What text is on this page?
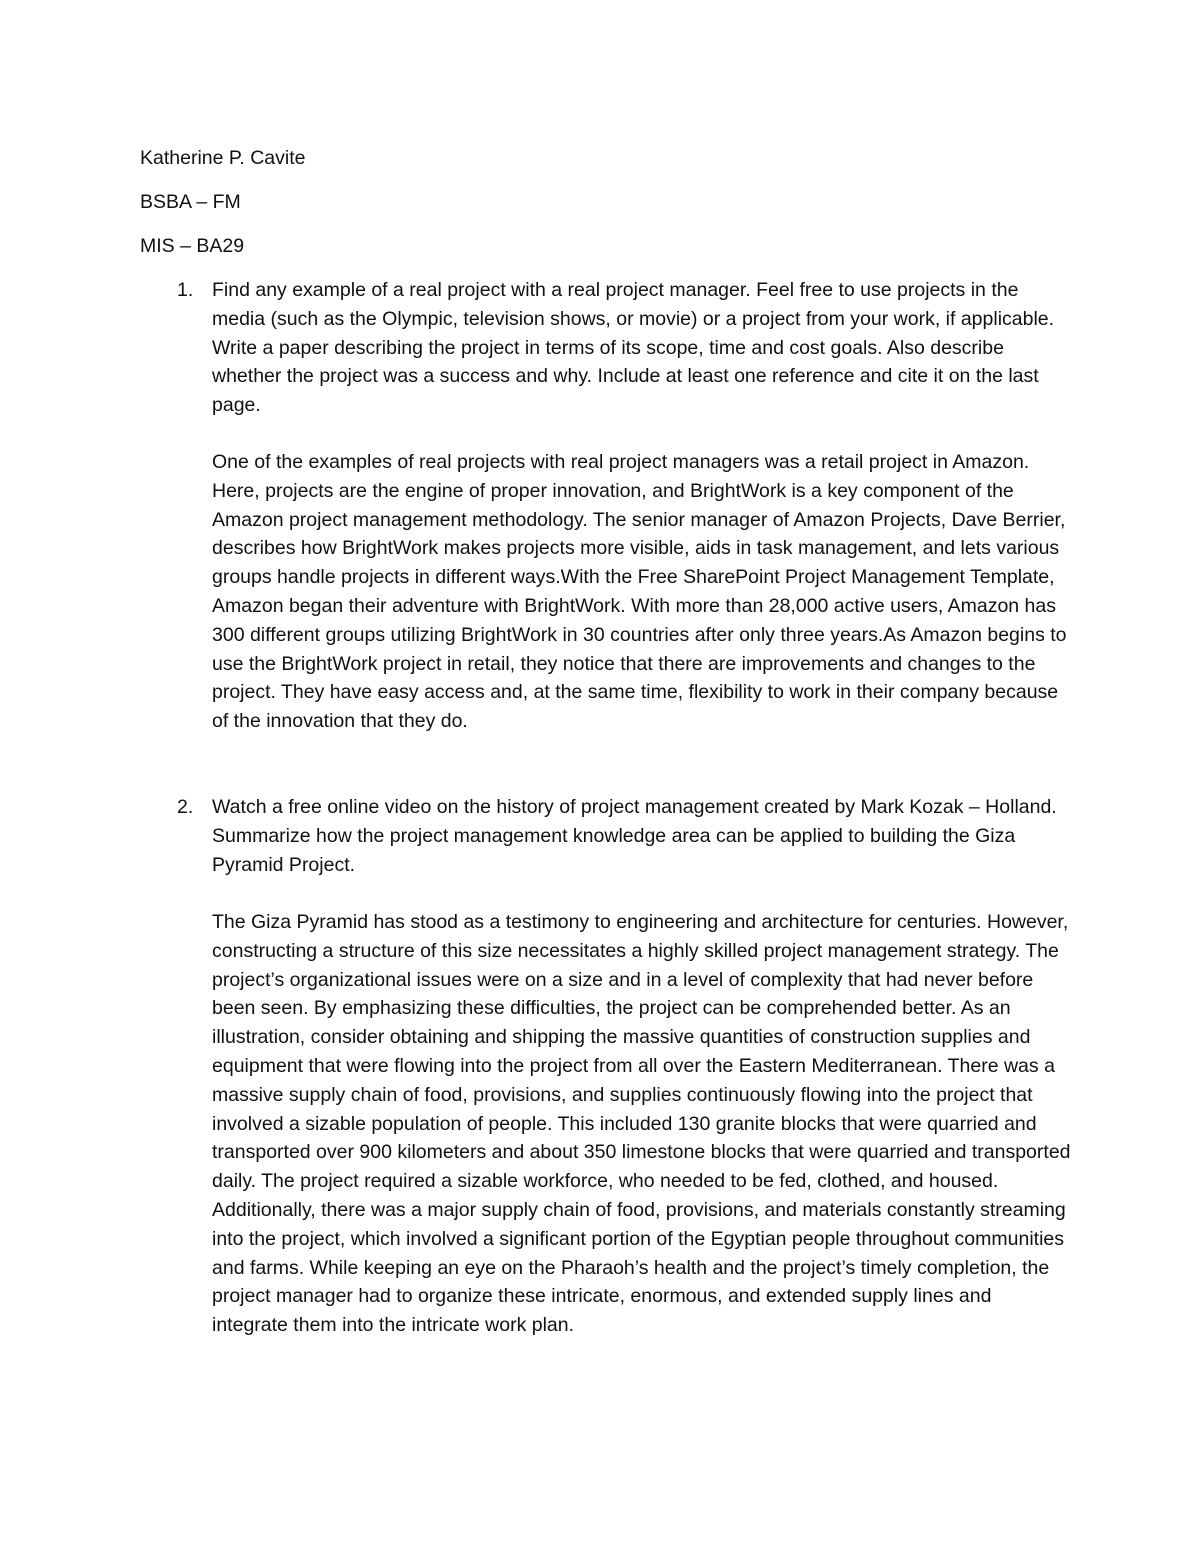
Katherine P. Cavite
BSBA – FM
MIS – BA29
1. Find any example of a real project with a real project manager. Feel free to use projects in the media (such as the Olympic, television shows, or movie) or a project from your work, if applicable. Write a paper describing the project in terms of its scope, time and cost goals. Also describe whether the project was a success and why. Include at least one reference and cite it on the last page.

One of the examples of real projects with real project managers was a retail project in Amazon. Here, projects are the engine of proper innovation, and BrightWork is a key component of the Amazon project management methodology. The senior manager of Amazon Projects, Dave Berrier, describes how BrightWork makes projects more visible, aids in task management, and lets various groups handle projects in different ways.With the Free SharePoint Project Management Template, Amazon began their adventure with BrightWork. With more than 28,000 active users, Amazon has 300 different groups utilizing BrightWork in 30 countries after only three years.As Amazon begins to use the BrightWork project in retail, they notice that there are improvements and changes to the project. They have easy access and, at the same time, flexibility to work in their company because of the innovation that they do.

2. Watch a free online video on the history of project management created by Mark Kozak – Holland. Summarize how the project management knowledge area can be applied to building the Giza Pyramid Project.

The Giza Pyramid has stood as a testimony to engineering and architecture for centuries. However, constructing a structure of this size necessitates a highly skilled project management strategy. The project’s organizational issues were on a size and in a level of complexity that had never before been seen. By emphasizing these difficulties, the project can be comprehended better. As an illustration, consider obtaining and shipping the massive quantities of construction supplies and equipment that were flowing into the project from all over the Eastern Mediterranean. There was a massive supply chain of food, provisions, and supplies continuously flowing into the project that involved a sizable population of people. This included 130 granite blocks that were quarried and transported over 900 kilometers and about 350 limestone blocks that were quarried and transported daily. The project required a sizable workforce, who needed to be fed, clothed, and housed. Additionally, there was a major supply chain of food, provisions, and materials constantly streaming into the project, which involved a significant portion of the Egyptian people throughout communities and farms. While keeping an eye on the Pharaoh’s health and the project’s timely completion, the project manager had to organize these intricate, enormous, and extended supply lines and integrate them into the intricate work plan.
